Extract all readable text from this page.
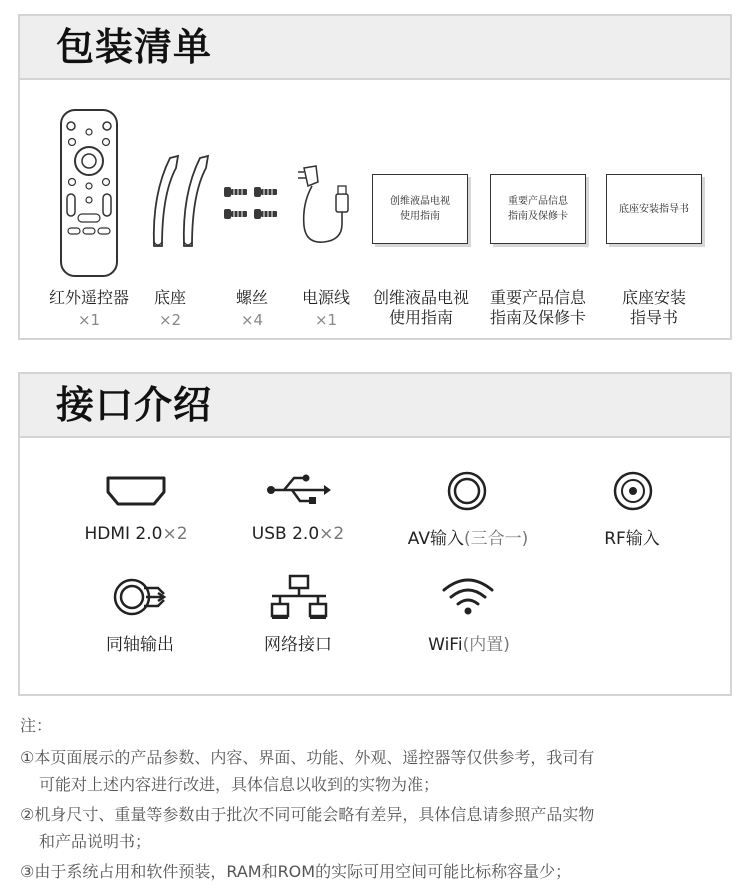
包装清单
创维液晶电视
使用指南
重要产品信息
指南及保修卡
底座安装指导书
红外遥控器
×1
底座
×2
螺丝
×4
电源线
×1
创维液晶电视
使用指南
重要产品信息
指南及保修卡
底座安装
指导书
接口介绍
HDMI 2.0×2	USB 2.0×2	AV输入(三合一)	RF输入
同轴输出	网络接口	WiFi(内置)
注：
①本页面展示的产品参数、内容、界面、功能、外观、遥控器等仅供参考，我司有
可能对上述内容进行改进，具体信息以收到的实物为准；
②机身尺寸、重量等参数由于批次不同可能会略有差异，具体信息请参照产品实物
和产品说明书；
③由于系统占用和软件预装，RAM和ROM的实际可用空间可能比标称容量少；
